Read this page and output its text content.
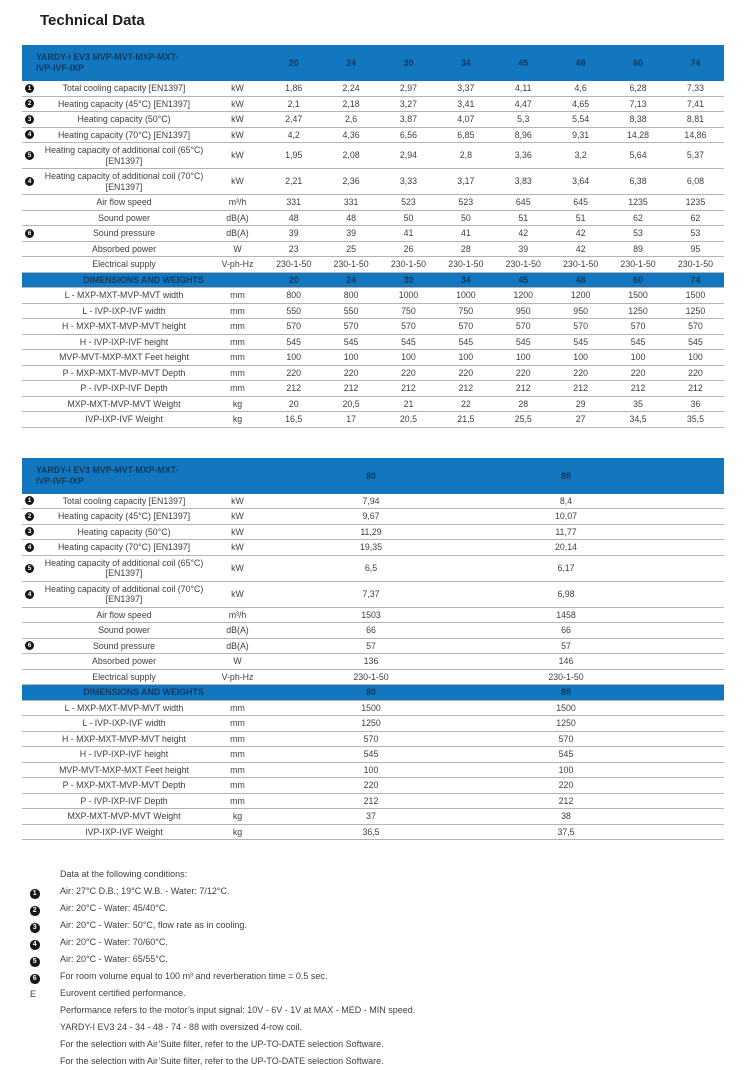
Technical Data
YARDY-I EV3 MVP-MVT-MXP-MXT-
IVP-IVF-IXP		20	24	30	34	45	48	60	74

1 Total cooling capacity [EN1397]	kW	1,86	2,24	2,97	3,37	4,11	4,6	6,28	7,33

2 Heating capacity (45°C) [EN1397]	kW	2,1	2,18	3,27	3,41	4,47	4,65	7,13	7,41

3 Heating capacity (50°C)	kW	2,47	2,6	3,87	4,07	5,3	5,54	8,38	8,81

4 Heating capacity (70°C) [EN1397]	kW	4,2	4,36	6,56	6,85	8,96	9,31	14,28	14,86

5
Heating capacity of additional coil (65°C) [EN1397]	kW	1,95	2,08	2,94	2,8	3,36	3,2	5,64	5,37

4
Heating capacity of additional coil (70°C) [EN1397]	kW	2,21	2,36	3,33	3,17	3,83	3,64	6,38	6,08

Air flow speed	m³/h	331	331	523	523	645	645	1235	1235

Sound power	dB(A)	48	48	50	50	51	51	62	62

6 Sound pressure	dB(A)	39	39	41	41	42	42	53	53

Absorbed power	W	23	25	26	28	39	42	89	95

Electrical supply	V-ph-Hz	230-1-50	230-1-50	230-1-50	230-1-50	230-1-50	230-1-50	230-1-50	230-1-50
DIMENSIONS AND WEIGHTS		20	24	30	34	45	48	60	74

L - MXP-MXT-MVP-MVT width	mm	800	800	1000	1000	1200	1200	1500	1500

L - IVP-IXP-IVF width	mm	550	550	750	750	950	950	1250	1250

H - MXP-MXT-MVP-MVT height	mm	570	570	570	570	570	570	570	570

H - IVP-IXP-IVF height	mm	545	545	545	545	545	545	545	545

MVP-MVT-MXP-MXT Feet height	mm	100	100	100	100	100	100	100	100

P - MXP-MXT-MVP-MVT Depth	mm	220	220	220	220	220	220	220	220

P - IVP-IXP-IVF Depth	mm	212	212	212	212	212	212	212	212

MXP-MXT-MVP-MVT Weight	kg	20	20,5	21	22	28	29	35	36

IVP-IXP-IVF Weight	kg	16,5	17	20,5	21,5	25,5	27	34,5	35,5
YARDY-I EV3 MVP-MVT-MXP-MXT-
IVP-IVF-IXP		80	88	

1 Total cooling capacity [EN1397]	kW	7,94	8,4	

2 Heating capacity (45°C) [EN1397]	kW	9,67	10,07	

3 Heating capacity (50°C)	kW	11,29	11,77	

4 Heating capacity (70°C) [EN1397]	kW	19,35	20,14	

5
Heating capacity of additional coil (65°C) [EN1397]	kW	6,5	6,17	

4
Heating capacity of additional coil (70°C) [EN1397]	kW	7,37	6,98	

Air flow speed	m³/h	1503	1458	

Sound power	dB(A)	66	66	

6 Sound pressure	dB(A)	57	57	

Absorbed power	W	136	146	

Electrical supply	V-ph-Hz	230-1-50	230-1-50	
DIMENSIONS AND WEIGHTS		80	88	

L - MXP-MXT-MVP-MVT width	mm	1500	1500	

L - IVP-IXP-IVF width	mm	1250	1250	

H - MXP-MXT-MVP-MVT height	mm	570	570	

H - IVP-IXP-IVF height	mm	545	545	

MVP-MVT-MXP-MXT Feet height	mm	100	100	

P - MXP-MXT-MVP-MVT Depth	mm	220	220	

P - IVP-IXP-IVF Depth	mm	212	212	

MXP-MXT-MVP-MVT Weight	kg	37	38	

IVP-IXP-IVF Weight	kg	36,5	37,5	
Data at the following conditions:
1	Air: 27°C D.B.; 19°C W.B. - Water: 7/12°C.
2	Air: 20°C - Water: 45/40°C.
3	Air: 20°C - Water: 50°C, flow rate as in cooling.
4	Air: 20°C - Water: 70/60°C.
5	Air: 20°C - Water: 65/55°C.
6	For room volume equal to 100 m³ and reverberation time = 0.5 sec.
E	Eurovent certified performance.
Performance refers to the motor’s input signal: 10V - 6V - 1V at MAX - MED - MIN speed.
YARDY-I EV3 24 - 34 - 48 - 74 - 88 with oversized 4-row coil.
For the selection with Air’Suite filter, refer to the UP-TO-DATE selection Software.
For the selection with Air’Suite filter, refer to the UP-TO-DATE selection Software.
